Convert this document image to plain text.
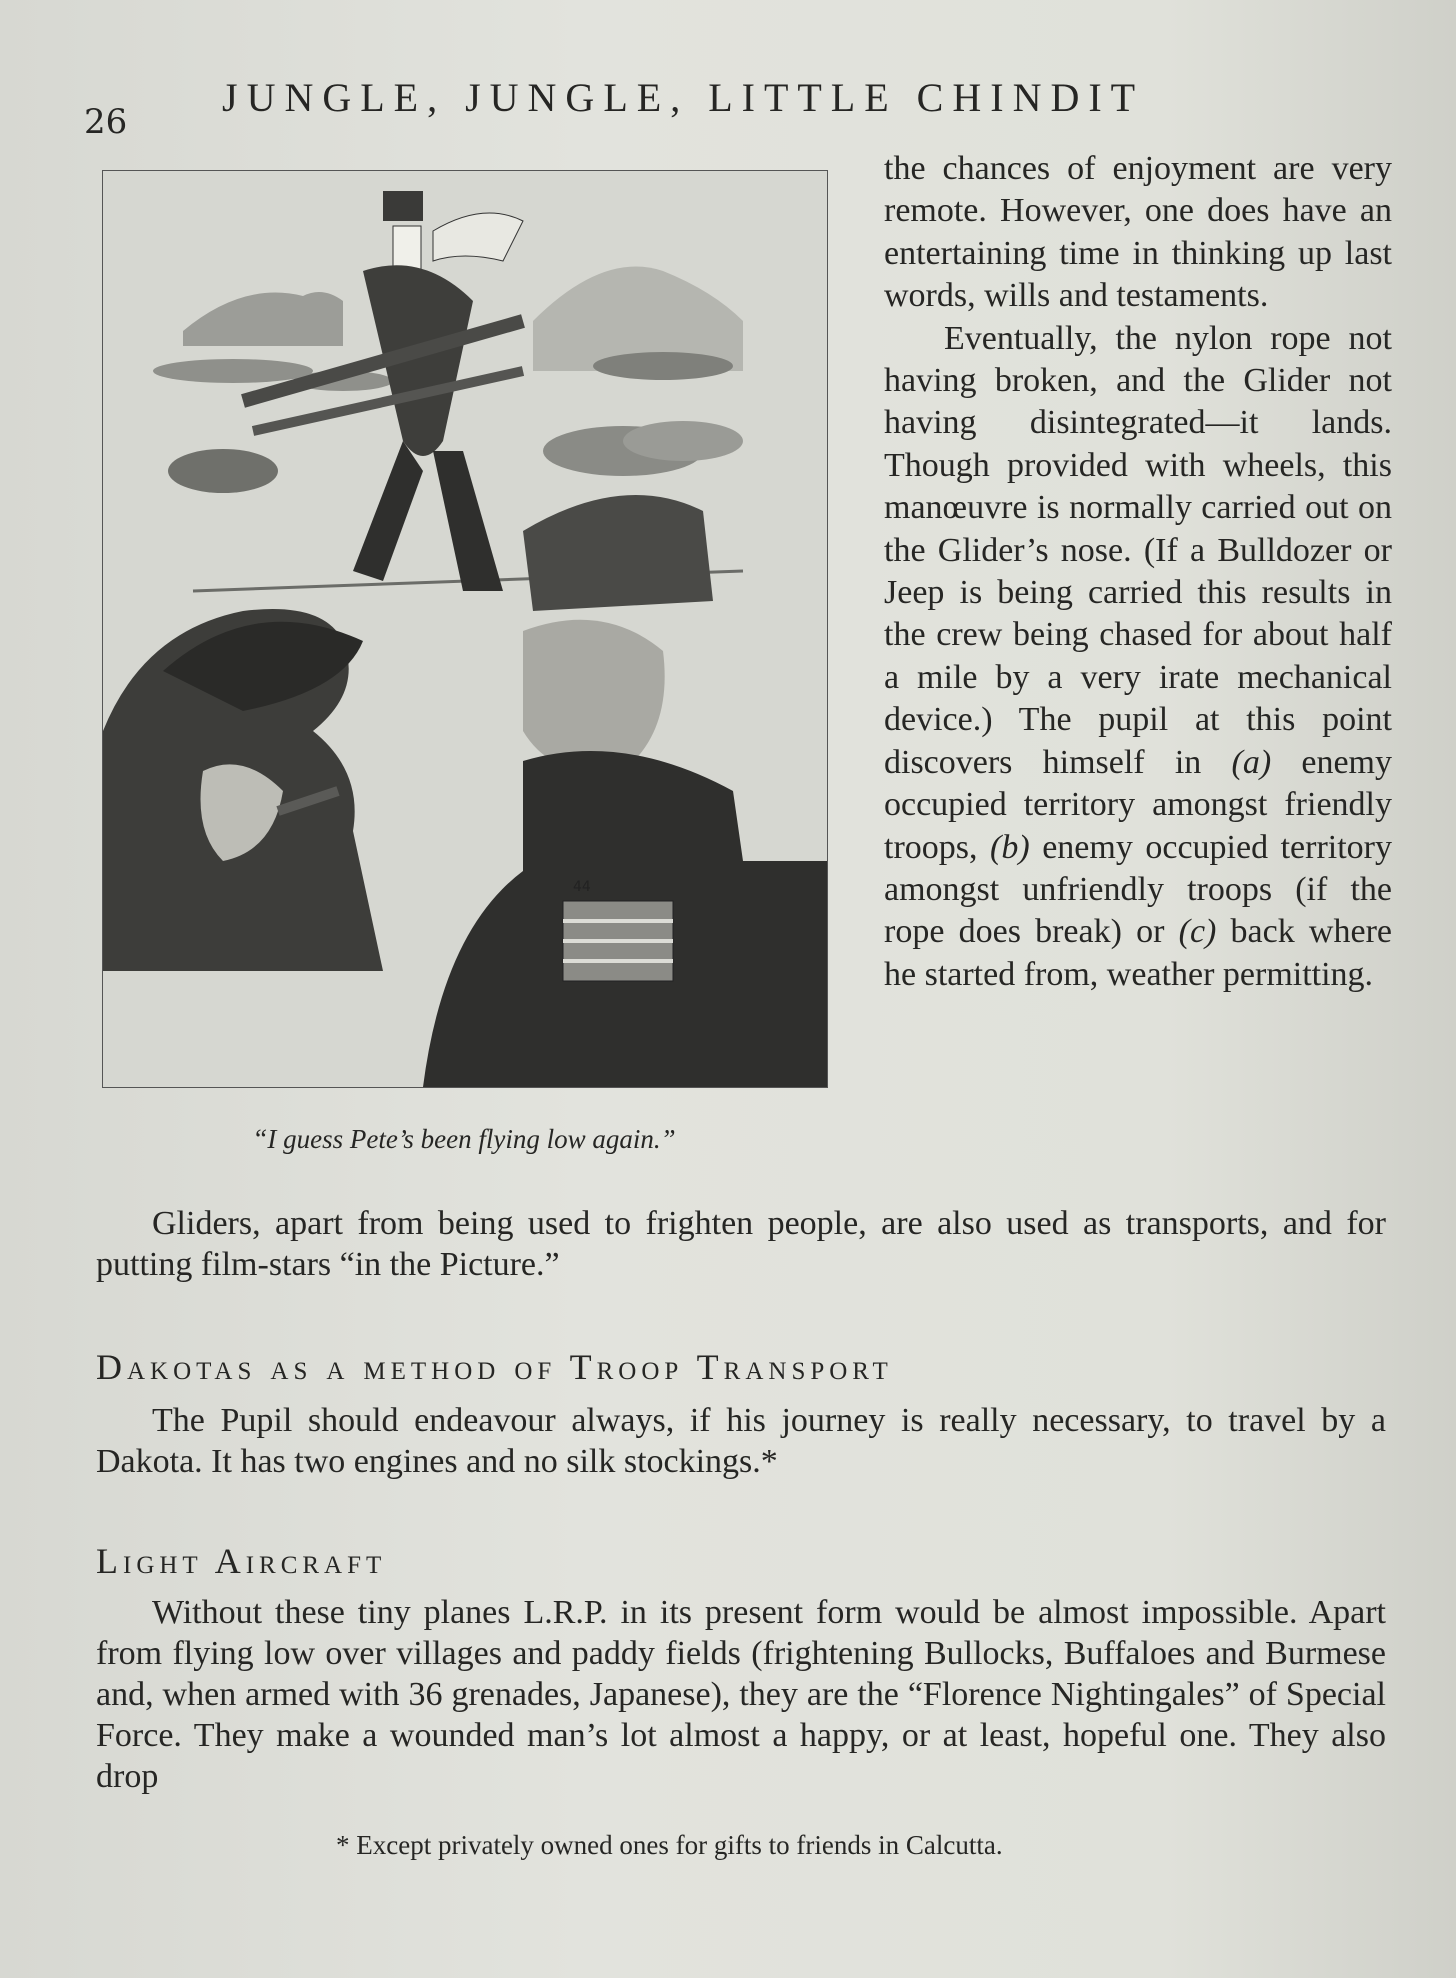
26
JUNGLE, JUNGLE, LITTLE CHINDIT
44
“I guess Pete’s been flying low again.”

the chances of enjoyment are very remote. However, one does have an entertaining time in thinking up last words, wills and testaments.

Eventually, the nylon rope not having broken, and the Glider not having disintegrated—it lands. Though provided with wheels, this manœuvre is normally carried out on the Glider’s nose. (If a Bulldozer or Jeep is being carried this results in the crew being chased for about half a mile by a very irate mechanical device.) The pupil at this point discovers himself in (a) enemy occupied territory amongst friendly troops, (b) enemy occupied territory amongst unfriendly troops (if the rope does break) or (c) back where he started from, weather permitting.

Gliders, apart from being used to frighten people, are also used as transports, and for putting film-stars “in the Picture.”

Dakotas as a method of Troop Transport

The Pupil should endeavour always, if his journey is really necessary, to travel by a Dakota. It has two engines and no silk stockings.*

Light Aircraft

Without these tiny planes L.R.P. in its present form would be almost impossible. Apart from flying low over villages and paddy fields (frightening Bullocks, Buffaloes and Burmese and, when armed with 36 grenades, Japanese), they are the “Florence Nightingales” of Special Force. They make a wounded man’s lot almost a happy, or at least, hopeful one. They also drop

* Except privately owned ones for gifts to friends in Calcutta.
